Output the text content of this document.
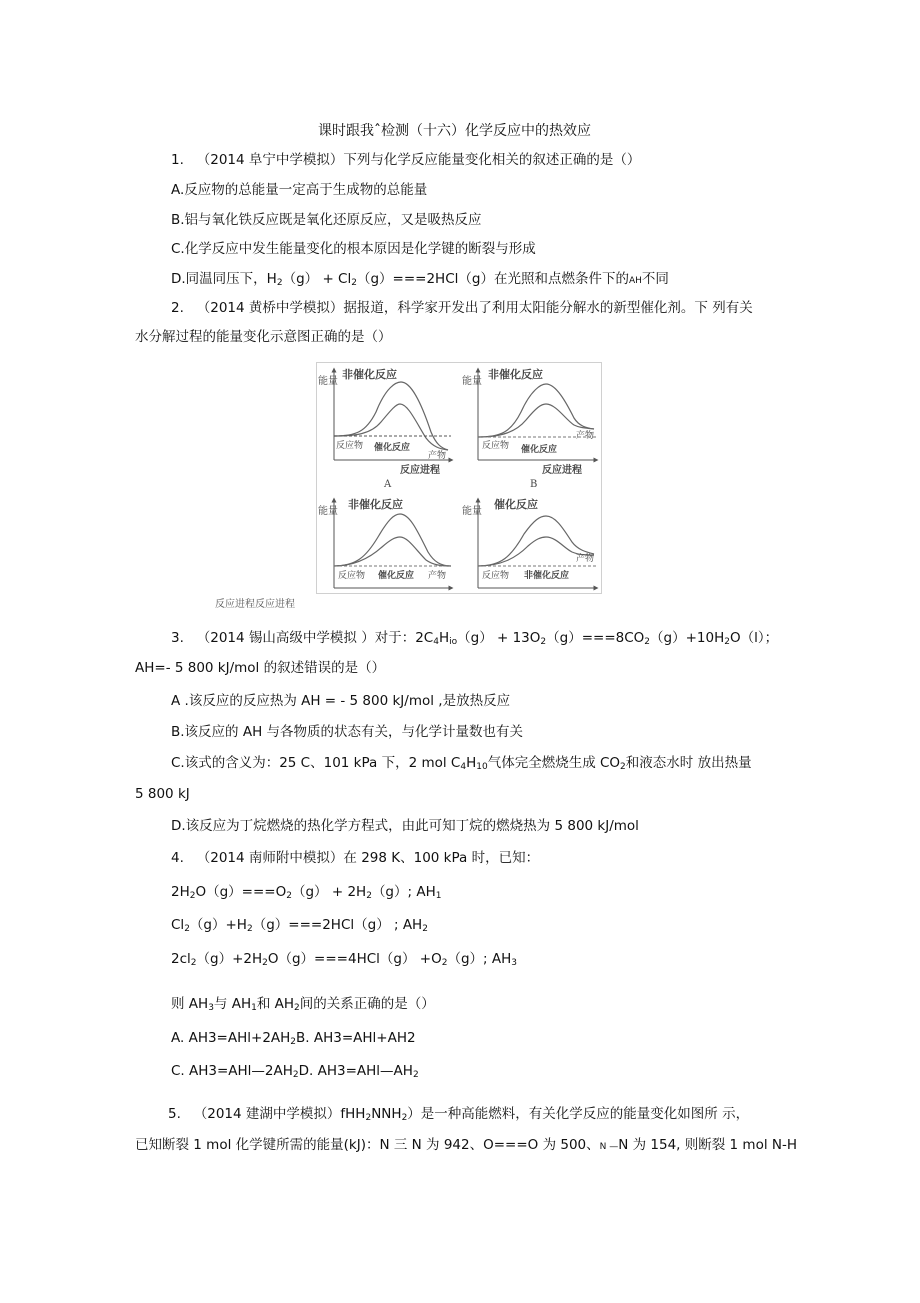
课时跟我ˆ检测（十六）化学反应中的热效应
1.   （2014 阜宁中学模拟）下列与化学反应能量变化相关的叙述正确的是（）
A.反应物的总能量一定高于生成物的总能量
B.铝与氧化铁反应既是氧化还原反应，又是吸热反应
C.化学反应中发生能量变化的根本原因是化学键的断裂与形成
D.同温同压下，$H_2(g) + Cl_2(g)===2HCl(g)$在光照和点燃条件下的AH不同
2.   （2014 黄桥中学模拟）据报道，科学家开发出了利用太阳能分解水的新型催化剂。下 列有关
水分解过程的能量变化示意图正确的是（）
能量
非催化反应
反应物 催化反应
产物
反应进程
A
能量
非催化反应
反应物 催化反应
产物
反应进程
B
能量
非催化反应
反应物 催化反应 产物
能量
催化反应
反应物 非催化反应
产物
反应进程反应进程
3.   （2014 锡山高级中学模拟 ）对于：$2C_4H_{io}(g) + 13O_2(g)===8CO_2(g)+10H_2O(l)$；
AH=- 5 800 kJ/mol 的叙述错误的是（）
A .该反应的反应热为 AH = - 5 800 kJ/mol ,是放热反应
B.该反应的 AH 与各物质的状态有关，与化学计量数也有关
C.该式的含义为：25 C、101 kPa 下，2 mol $C_4H_{10}$气体完全燃烧生成 $CO_2$和液态水时 放出热量
5 800 kJ
D.该反应为丁烷燃烧的热化学方程式，由此可知丁烷的燃烧热为 5 800 kJ/mol
4.   （2014 南师附中模拟）在 298 K、100 kPa 时，已知：
$2H_2O(g)===O_2(g) + 2H_2(g)$; $AH_1$
$Cl_2(g)+H_2(g)===2HCl(g)$ ; $AH_2$
$2cl_2(g)+2H_2O(g)===4HCl(g) +O_2(g)$; $AH_3$
则 $AH_3$与 $AH_1$和 $AH_2$间的关系正确的是（）
A. $AH3=AHl+2AH_2B$. AH3=AHl+AH2
C. $AH3=AHl—2AH_2D$. $AH3=AHl—AH_2$
5.   （2014 建湖中学模拟）$fHH_2NNH_2$）是一种高能燃料，有关化学反应的能量变化如图所 示，
已知断裂 1 mol 化学键所需的能量(kJ)：N 三 N 为 942、O===O 为 500、N —N 为 154, 则断裂 1 mol N-H
